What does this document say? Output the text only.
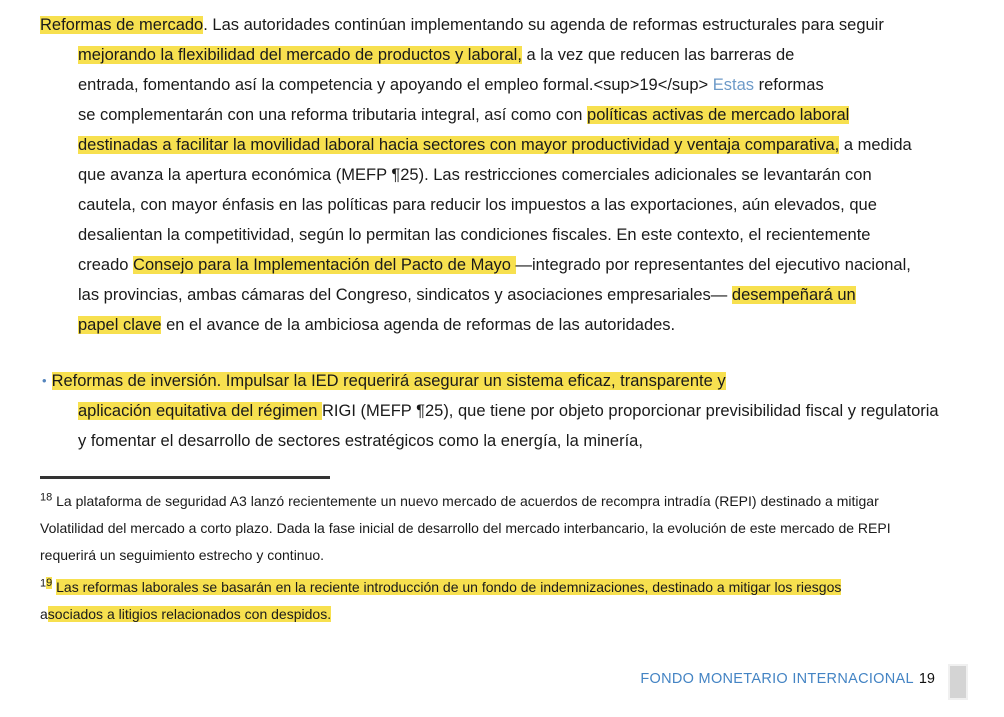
Reformas de mercado. Las autoridades continúan implementando su agenda de reformas estructurales para seguir
mejorando la flexibilidad del mercado de productos y laboral, a la vez que reducen las barreras de
entrada, fomentando así la competencia y apoyando el empleo formal.<sup>19</sup> Estas reformas
se complementarán con una reforma tributaria integral, así como con políticas activas de mercado laboral
destinadas a facilitar la movilidad laboral hacia sectores con mayor productividad y ventaja comparativa, a medida
que avanza la apertura económica (MEFP ¶25). Las restricciones comerciales adicionales se levantarán con
cautela, con mayor énfasis en las políticas para reducir los impuestos a las exportaciones, aún elevados, que
desalientan la competitividad, según lo permitan las condiciones fiscales. En este contexto, el recientemente
creado Consejo para la Implementación del Pacto de Mayo —integrado por representantes del ejecutivo nacional,
las provincias, ambas cámaras del Congreso, sindicatos y asociaciones empresariales— desempeñará un
papel clave en el avance de la ambiciosa agenda de reformas de las autoridades.
• Reformas de inversión. Impulsar la IED requerirá asegurar un sistema eficaz, transparente y
aplicación equitativa del régimen RIGI (MEFP ¶25), que tiene por objeto proporcionar previsibilidad fiscal y regulatoria
y fomentar el desarrollo de sectores estratégicos como la energía, la minería,
$^{18}$ La plataforma de seguridad A3 lanzó recientemente un nuevo mercado de acuerdos de recompra intradía (REPI) destinado a mitigar
Volatilidad del mercado a corto plazo. Dada la fase inicial de desarrollo del mercado interbancario, la evolución de este mercado de REPI
requerirá un seguimiento estrecho y continuo.
$^{19}$ Las reformas laborales se basarán en la reciente introducción de un fondo de indemnizaciones, destinado a mitigar los riesgos
asociados a litigios relacionados con despidos.
FONDO MONETARIO INTERNACIONAL 19
